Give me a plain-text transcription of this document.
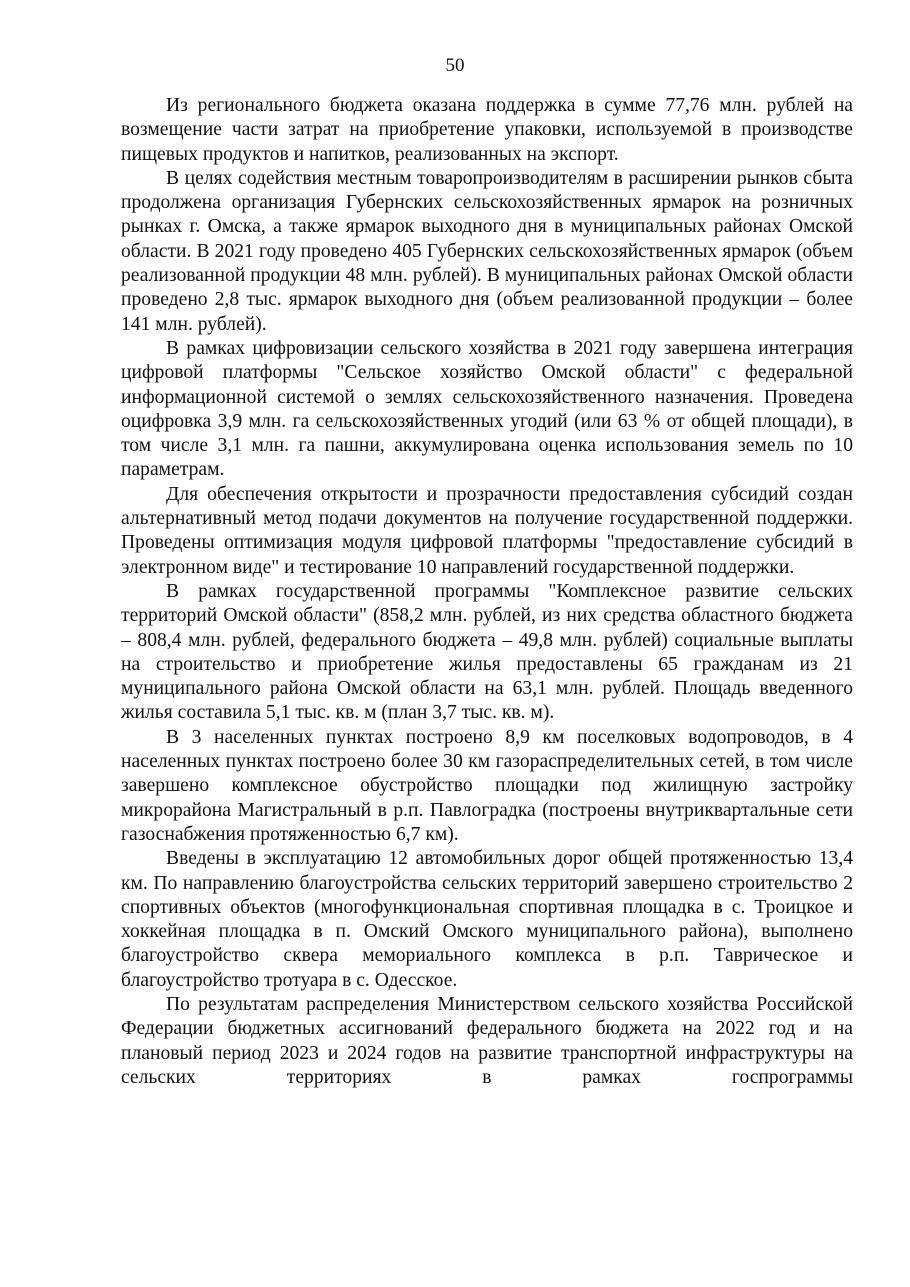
50

Из регионального бюджета оказана поддержка в сумме 77,76 млн. рублей на возмещение части затрат на приобретение упаковки, используемой в производстве пищевых продуктов и напитков, реализованных на экспорт.

В целях содействия местным товаропроизводителям в расширении рынков сбыта продолжена организация Губернских сельскохозяйственных ярмарок на розничных рынках г. Омска, а также ярмарок выходного дня в муниципальных районах Омской области. В 2021 году проведено 405 Губернских сельскохозяйственных ярмарок (объем реализованной продукции 48 млн. рублей). В муниципальных районах Омской области проведено 2,8 тыс. ярмарок выходного дня (объем реализованной продукции – более 141 млн. рублей).

В рамках цифровизации сельского хозяйства в 2021 году завершена интеграция цифровой платформы "Сельское хозяйство Омской области" с федеральной информационной системой о землях сельскохозяйственного назначения. Проведена оцифровка 3,9 млн. га сельскохозяйственных угодий (или 63 % от общей площади), в том числе 3,1 млн. га пашни, аккумулирована оценка использования земель по 10 параметрам.

Для обеспечения открытости и прозрачности предоставления субсидий создан альтернативный метод подачи документов на получение государственной поддержки. Проведены оптимизация модуля цифровой платформы "предоставление субсидий в электронном виде" и тестирование 10 направлений государственной поддержки.

В рамках государственной программы "Комплексное развитие сельских территорий Омской области" (858,2 млн. рублей, из них средства областного бюджета – 808,4 млн. рублей, федерального бюджета – 49,8 млн. рублей) социальные выплаты на строительство и приобретение жилья предоставлены 65 гражданам из 21 муниципального района Омской области на 63,1 млн. рублей. Площадь введенного жилья составила 5,1 тыс. кв. м (план 3,7 тыс. кв. м).

В 3 населенных пунктах построено 8,9 км поселковых водопроводов, в 4 населенных пунктах построено более 30 км газораспределительных сетей, в том числе завершено комплексное обустройство площадки под жилищную застройку микрорайона Магистральный в р.п. Павлоградка (построены внутриквартальные сети газоснабжения протяженностью 6,7 км).

Введены в эксплуатацию 12 автомобильных дорог общей протяженностью 13,4 км. По направлению благоустройства сельских территорий завершено строительство 2 спортивных объектов (многофункциональная спортивная площадка в с. Троицкое и хоккейная площадка в п. Омский Омского муниципального района), выполнено благоустройство сквера мемориального комплекса в р.п. Таврическое и благоустройство тротуара в с. Одесское.

По результатам распределения Министерством сельского хозяйства Российской Федерации бюджетных ассигнований федерального бюджета на 2022 год и на плановый период 2023 и 2024 годов на развитие транспортной инфраструктуры на сельских территориях в рамках госпрограммы
